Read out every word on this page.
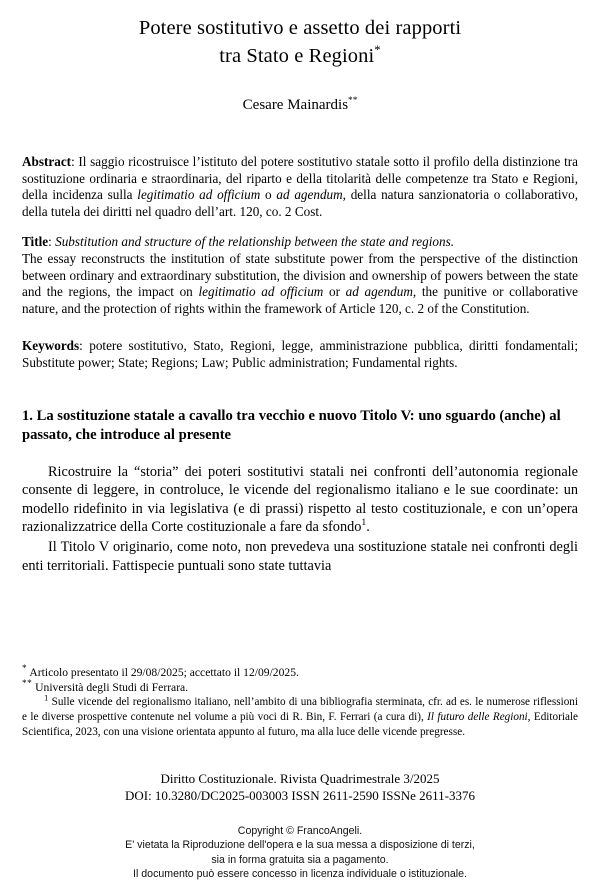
Potere sostitutivo e assetto dei rapporti
tra Stato e Regioni*

Cesare Mainardis**

Abstract: Il saggio ricostruisce l’istituto del potere sostitutivo statale sotto il profilo della distinzione tra sostituzione ordinaria e straordinaria, del riparto e della titolarità delle competenze tra Stato e Regioni, della incidenza sulla legitimatio ad officium o ad agendum, della natura sanzionatoria o collaborativo, della tutela dei diritti nel quadro dell’art. 120, co. 2 Cost.

Title: Substitution and structure of the relationship between the state and regions.

The essay reconstructs the institution of state substitute power from the perspective of the distinction between ordinary and extraordinary substitution, the division and ownership of powers between the state and the regions, the impact on legitimatio ad officium or ad agendum, the punitive or collaborative nature, and the protection of rights within the framework of Article 120, c. 2 of the Constitution.

Keywords: potere sostitutivo, Stato, Regioni, legge, amministrazione pubblica, diritti fondamentali; Substitute power; State; Regions; Law; Public administration; Fundamental rights.

1. La sostituzione statale a cavallo tra vecchio e nuovo Titolo V: uno sguardo (anche) al passato, che introduce al presente

Ricostruire la “storia” dei poteri sostitutivi statali nei confronti dell’autonomia regionale consente di leggere, in controluce, le vicende del regionalismo italiano e le sue coordinate: un modello ridefinito in via legislativa (e di prassi) rispetto al testo costituzionale, e con un’opera razionalizzatrice della Corte costituzionale a fare da sfondo$^1$.

Il Titolo V originario, come noto, non prevedeva una sostituzione statale nei confronti degli enti territoriali. Fattispecie puntuali sono state tuttavia

* Articolo presentato il 29/08/2025; accettato il 12/09/2025.

** Università degli Studi di Ferrara.

$^1$ Sulle vicende del regionalismo italiano, nell’ambito di una bibliografia sterminata, cfr. ad es. le numerose riflessioni e le diverse prospettive contenute nel volume a più voci di R. Bin, F. Ferrari (a cura di), Il futuro delle Regioni, Editoriale Scientifica, 2023, con una visione orientata appunto al futuro, ma alla luce delle vicende pregresse.

Diritto Costituzionale. Rivista Quadrimestrale 3/2025

DOI: 10.3280/DC2025-003003 ISSN 2611-2590 ISSNe 2611-3376

Copyright © FrancoAngeli.

E' vietata la Riproduzione dell'opera e la sua messa a disposizione di terzi,

sia in forma gratuita sia a pagamento.

Il documento può essere concesso in licenza individuale o istituzionale.
